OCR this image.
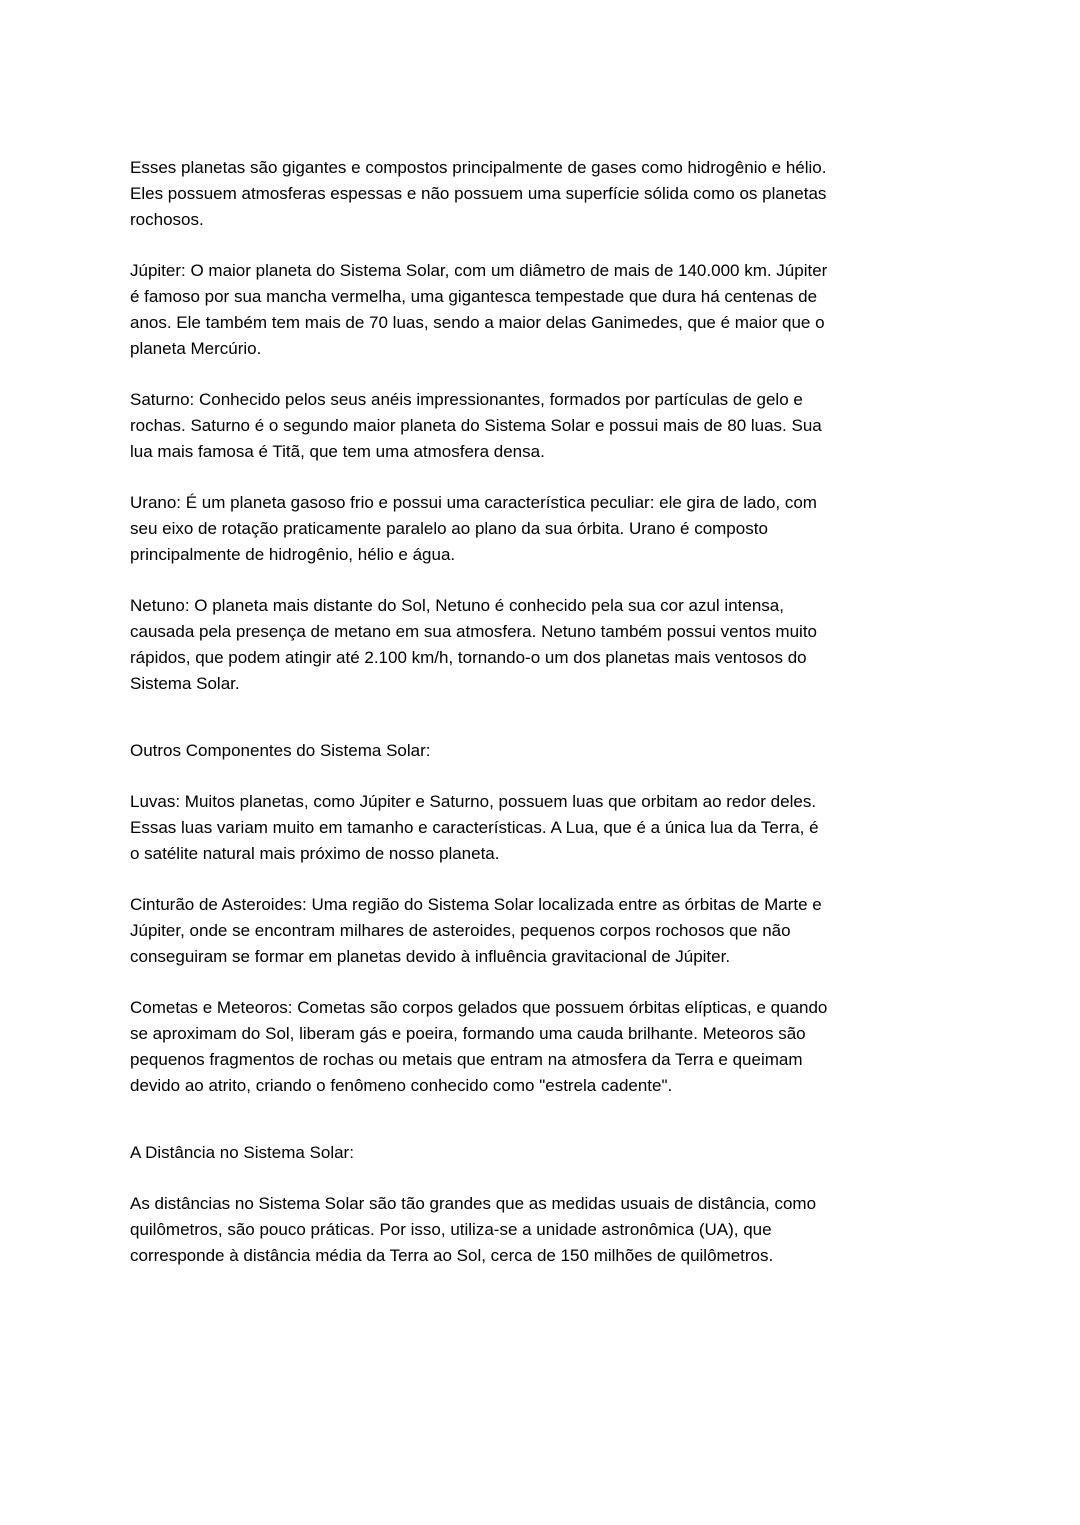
Esses planetas são gigantes e compostos principalmente de gases como hidrogênio e hélio.
Eles possuem atmosferas espessas e não possuem uma superfície sólida como os planetas
rochosos.

Júpiter: O maior planeta do Sistema Solar, com um diâmetro de mais de 140.000 km. Júpiter
é famoso por sua mancha vermelha, uma gigantesca tempestade que dura há centenas de
anos. Ele também tem mais de 70 luas, sendo a maior delas Ganimedes, que é maior que o
planeta Mercúrio.

Saturno: Conhecido pelos seus anéis impressionantes, formados por partículas de gelo e
rochas. Saturno é o segundo maior planeta do Sistema Solar e possui mais de 80 luas. Sua
lua mais famosa é Titã, que tem uma atmosfera densa.

Urano: É um planeta gasoso frio e possui uma característica peculiar: ele gira de lado, com
seu eixo de rotação praticamente paralelo ao plano da sua órbita. Urano é composto
principalmente de hidrogênio, hélio e água.

Netuno: O planeta mais distante do Sol, Netuno é conhecido pela sua cor azul intensa,
causada pela presença de metano em sua atmosfera. Netuno também possui ventos muito
rápidos, que podem atingir até 2.100 km/h, tornando-o um dos planetas mais ventosos do
Sistema Solar.

Outros Componentes do Sistema Solar:

Luvas: Muitos planetas, como Júpiter e Saturno, possuem luas que orbitam ao redor deles.
Essas luas variam muito em tamanho e características. A Lua, que é a única lua da Terra, é
o satélite natural mais próximo de nosso planeta.

Cinturão de Asteroides: Uma região do Sistema Solar localizada entre as órbitas de Marte e
Júpiter, onde se encontram milhares de asteroides, pequenos corpos rochosos que não
conseguiram se formar em planetas devido à influência gravitacional de Júpiter.

Cometas e Meteoros: Cometas são corpos gelados que possuem órbitas elípticas, e quando
se aproximam do Sol, liberam gás e poeira, formando uma cauda brilhante. Meteoros são
pequenos fragmentos de rochas ou metais que entram na atmosfera da Terra e queimam
devido ao atrito, criando o fenômeno conhecido como "estrela cadente".

A Distância no Sistema Solar:

As distâncias no Sistema Solar são tão grandes que as medidas usuais de distância, como
quilômetros, são pouco práticas. Por isso, utiliza-se a unidade astronômica (UA), que
corresponde à distância média da Terra ao Sol, cerca de 150 milhões de quilômetros.
